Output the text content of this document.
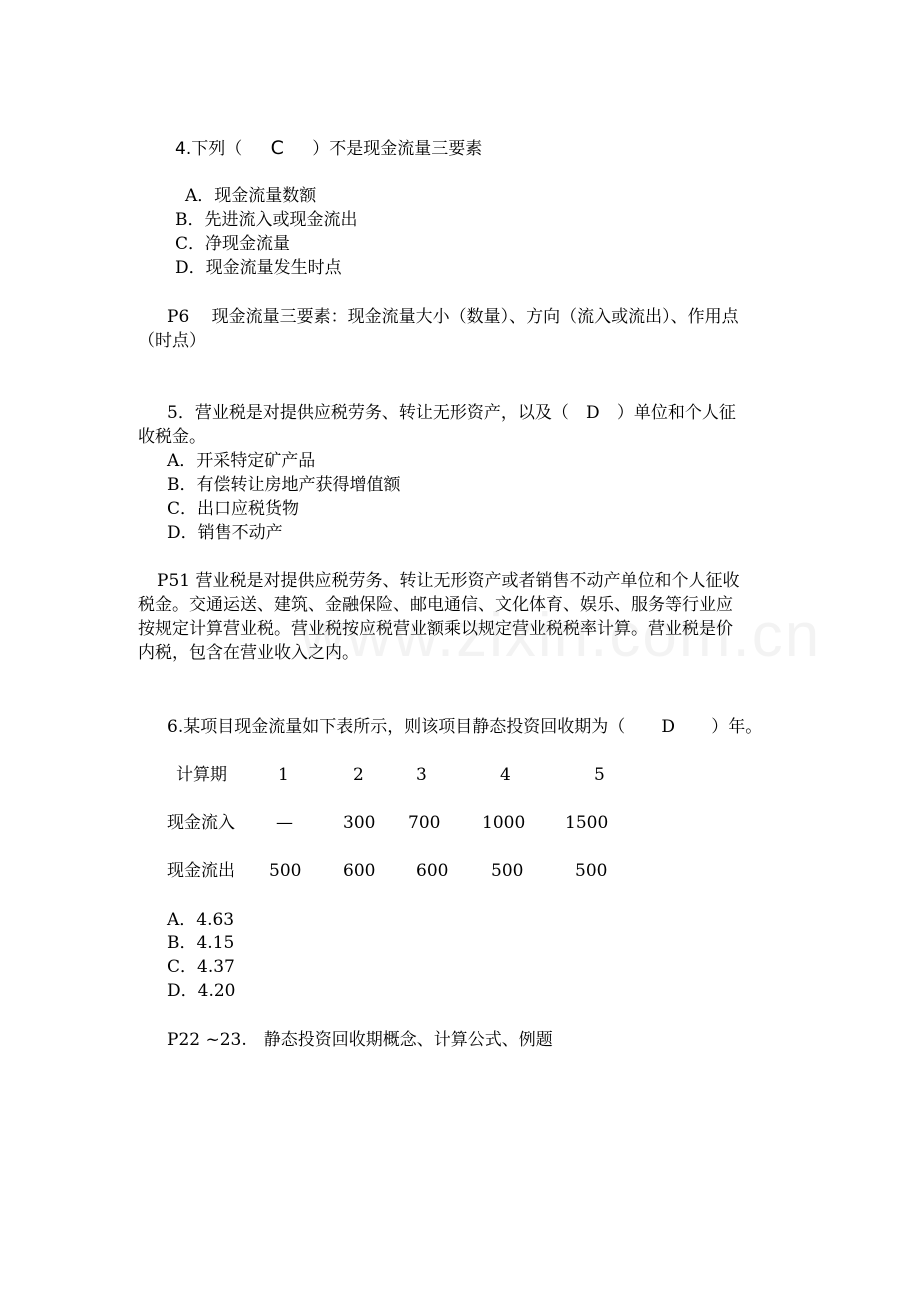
4.下列（ C ）不是现金流量三要素
A．现金流量数额
B．先进流入或现金流出
C．净现金流量
D．现金流量发生时点
P6　 现金流量三要素：现金流量大小（数量）、方向（流入或流出）、作用点
（时点）
5．营业税是对提供应税劳务、转让无形资产，以及（ D ）单位和个人征
收税金。
A．开采特定矿产品
B．有偿转让房地产获得增值额
C．出口应税货物
D．销售不动产
P51 营业税是对提供应税劳务、转让无形资产或者销售不动产单位和个人征收
税金。交通运送、建筑、金融保险、邮电通信、文化体育、娱乐、服务等行业应
按规定计算营业税。营业税按应税营业额乘以规定营业税税率计算。营业税是价
内税，包含在营业收入之内。
6.某项目现金流量如下表所示，则该项目静态投资回收期为（ D ）年。
计算期	1	2	3	4	5
现金流入 —	300 700 1000 1500
现金流出 500 600 600	500	500
A．4.63
B．4.15
C．4.37
D．4.20
P22 ~23.　静态投资回收期概念、计算公式、例题
